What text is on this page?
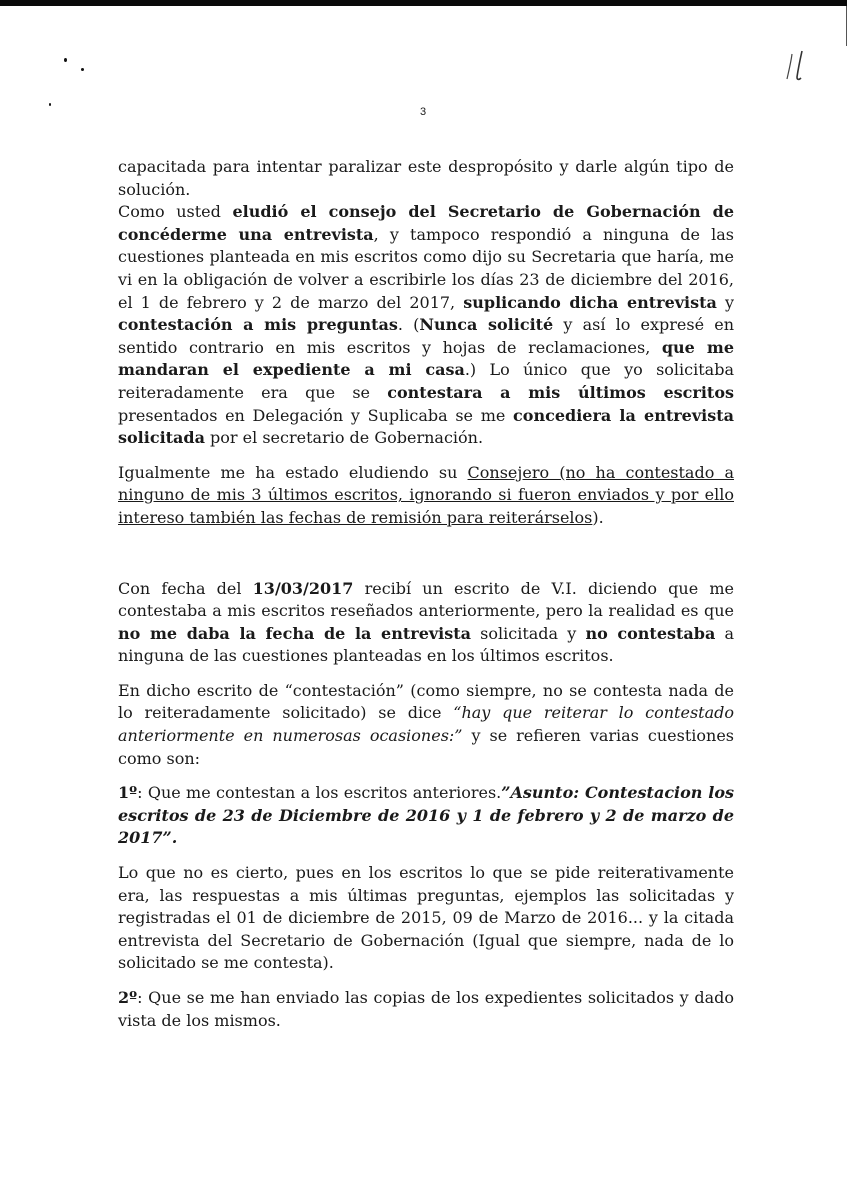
3

capacitada para intentar paralizar este despropósito y darle algún tipo de solución.

Como usted eludió el consejo del Secretario de Gobernación de concéderme una entrevista, y tampoco respondió a ninguna de las cuestiones planteada en mis escritos como dijo su Secretaria que haría, me vi en la obligación de volver a escribirle los días 23 de diciembre del 2016, el 1 de febrero y 2 de marzo del 2017, suplicando dicha entrevista y contestación a mis preguntas. (Nunca solicité y así lo expresé en sentido contrario en mis escritos y hojas de reclamaciones, que me mandaran el expediente a mi casa.) Lo único que yo solicitaba reiteradamente era que se contestara a mis últimos escritos presentados en Delegación y Suplicaba se me concediera la entrevista solicitada por el secretario de Gobernación.

Igualmente me ha estado eludiendo su Consejero (no ha contestado a ninguno de mis 3 últimos escritos, ignorando si fueron enviados y por ello intereso también las fechas de remisión para reiterárselos).

Con fecha del 13/03/2017 recibí un escrito de V.I. diciendo que me contestaba a mis escritos reseñados anteriormente, pero la realidad es que no me daba la fecha de la entrevista solicitada y no contestaba a ninguna de las cuestiones planteadas en los últimos escritos.

En dicho escrito de “contestación” (como siempre, no se contesta nada de lo reiteradamente solicitado) se dice “hay que reiterar lo contestado anteriormente en numerosas ocasiones:” y se refieren varias cuestiones como son:

1º: Que me contestan a los escritos anteriores.”Asunto: Contestacion los escritos de 23 de Diciembre de 2016 y 1 de febrero y 2 de marzo de 2017”.

Lo que no es cierto, pues en los escritos lo que se pide reiterativamente era, las respuestas a mis últimas preguntas, ejemplos las solicitadas y registradas el 01 de diciembre de 2015, 09 de Marzo de 2016... y la citada entrevista del Secretario de Gobernación (Igual que siempre, nada de lo solicitado se me contesta).

2º: Que se me han enviado las copias de los expedientes solicitados y dado vista de los mismos.
